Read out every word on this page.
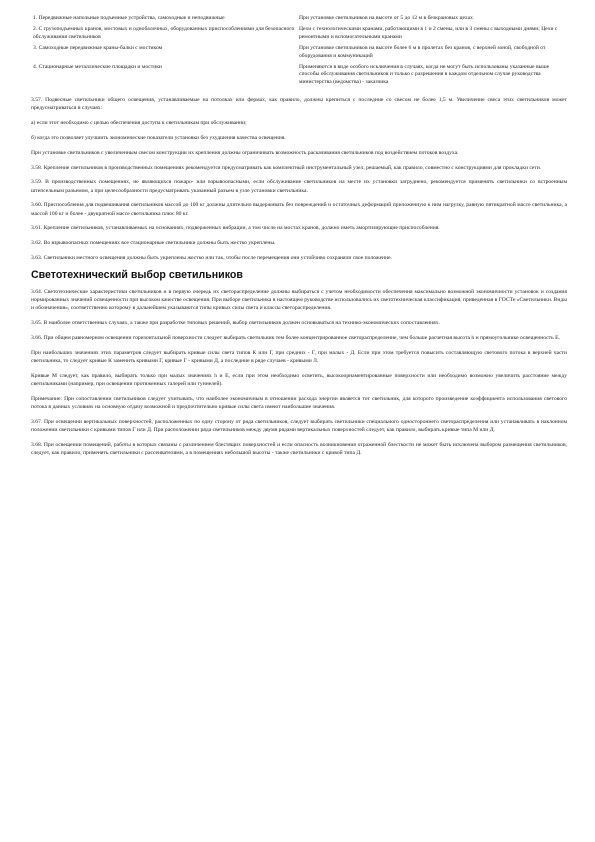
1. Передвижные напольные подъемные устройства, самоходные и неподвижные	При установке светильников на высоте от 5 до 12 м в безкрановых цехах
2. С грузоподъемных кранов, мостовых и однобалочных, оборудованных приспособлениями для безопасного обслуживания светильников	Цехи с технологическими кранами, работающими в 1 и 2 смены, или в 3 смены с выходными днями; Цехи с ремонтными и вспомогательными кранами
3. Самоходные передвижные краны-балки с мостиком	При установке светильников на высоте более 6 м в пролетах без кранов, с верхней зоной, свободной от оборудования и коммуникаций
4. Стационарные металлические площадки и мостики	Применяются в виде особого исключения в случаях, когда не могут быть использованы указанные выше способы обслуживания светильников и только с разрешения в каждом отдельном случае руководства министерства (ведомства) - заказчика

3.57. Подвесные светильники общего освещения, устанавливаемые на потолках или фермах, как правило, должны крепиться с последние со свесом не более 1,5 м. Увеличение свеса этих светильников может предусматриваться в случаях:

а) если этот необходимо с целью обеспечения доступа к светильникам при обслуживании;

б) когда это позволяет улучшить экономические показатели установки без ухудшения качества освещения.

При установке светильников с увеличенным свесом конструкции их крепления должны ограничивать возможность раскачивания светильников под воздействием потоков воздуха.

3.58. Крепление светильников в производственных помещениях рекомендуется предусматривать как комплектный инструментальный узел, решаемый, как правило, совместно с конструкциями для прокладки сети.

3.59. В производственных помещениях, не являющихся пожаро- или взрывоопасными, если обслуживание светильников на месте их установки затруднено, рекомендуется применять светильники со встроенным штепсельным разъемом, а при целесообразности предусматривать указанный разъем в узле установки светильника.

3.60. Приспособления для подвешивания светильников массой до 100 кг должны длительно выдерживать без повреждений и остаточных деформаций приложенную к ним нагрузку, равную пятикратной массе светильника, а массой 100 кг и более - двукратной массе светильника плюс 80 кг.

3.61. Крепление светильников, устанавливаемых на основаниях, подверженных вибрации, а том числе на мостах кранов, должно иметь амортизирующие приспособления.

3.62. Во взрывоопасных помещениях все стационарные светильники должны быть жестко укреплены.

3.63. Светильники местного освещения должны быть укреплены жестко или так, чтобы после перемещения они устойчиво сохраняли свое положение.

Светотехнический выбор светильников

3.64. Светотехнические характеристики светильников и в первую очередь их светораспределение должны выбираться с учетом необходимости обеспечения максимально возможной экономичности установок и создания нормированных значений освещенности при высоком качестве освещения. При выборе светильника в настоящем руководстве использовались их светотехническая классификация, приведенная в ГОСТе «Светильники. Виды и обозначения», соответственно которому в дальнейшем указываются типы кривых силы света и классы светораспределения.

3.65. В наиболее ответственных случаях, а также при разработке типовых решений, выбор светильников должен основываться на технико-экономических сопоставлениях.

3.66. При общем равномерном освещении горизонтальной поверхности следует выбирать светильник тем более концентрированное светораспределение, чем больше расчетная высота h и прямоугольнике освещенность Е.

При наибольших значениях этих параметров следует выбирать кривые силы света типов К или Г, при средних - Г, при малых - Д. Если при этом требуется повысить составляющую светового потока в верхней части светильника, то следует кривые К заменить кривыми Г, кривые Г - кривыми Д, а последние в ряде случаев - кривыми Л.

Кривые М следует, как правило, выбирать только при малых значениях h и Е, если при этом необходимо осветить, высокоорнаментированные поверхности или необходимо возможно увеличить расстояние между светильниками (например, при освещении протяженных галерей или туннелей).

Примечание: При сопоставлении светильников следует учитывать, что наиболее экономичным в отношении расхода энергии является тот светильник, для которого произведение коэффициента использования светового потока в данных условиях на основную отдачу возможной и предпочтительно кривые силы света имеют наибольшие значения.

3.67. При освещении вертикальных поверхностей, расположенных по одну сторону от ряда светильников, следует выбирать светильники специального одностороннего светораспределения или устанавливать в наклонном положении светильники с кривыми типов Г или Д. При расположении ряда светильников между двумя рядами вертикальных поверхностей следует, как правило, выбирать кривые типа М или Д.

3.68. При освещении помещений, работы в которых связаны с различением блестящих поверхностей и если опасность возникновения отраженной блесткости не может быть исключена выбором размещения светильников, следует, как правило, применять светильники с рассеивателями, а в помещениях небольшой высоты - также светильники с кривой типа Д.
